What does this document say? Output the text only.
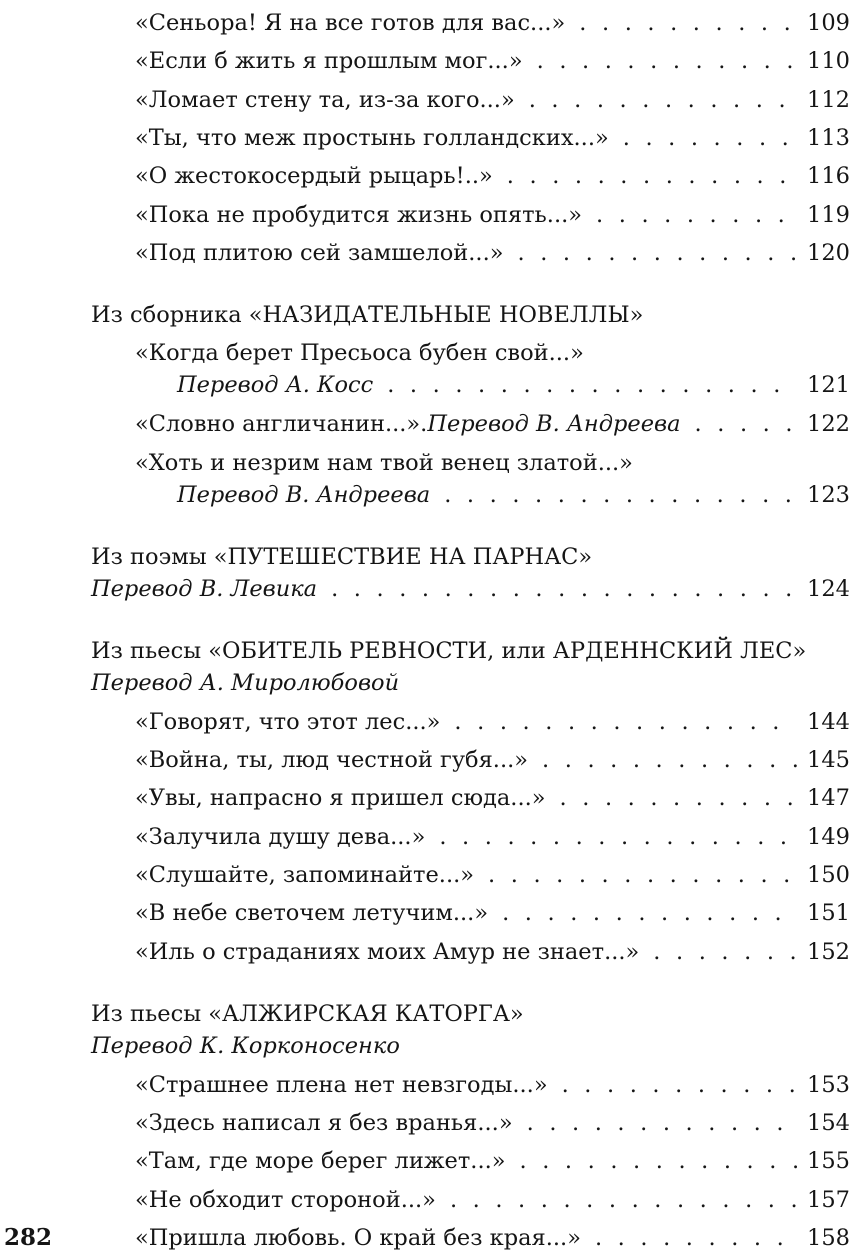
«Сеньора! Я на все готов для вас...» . . .	109
«Если б жить я прошлым мог...» . . .	110
«Ломает стену та, из-за кого...» . . .	112
«Ты, что меж простынь голландских...» . . .	113
«О жестокосердый рыцарь!..» . . .	116
«Пока не пробудится жизнь опять...» . . .	119
«Под плитою сей замшелой...» . . .	120
Из сборника «НАЗИДАТЕЛЬНЫЕ НОВЕЛЛЫ»
«Когда берет Пресьоса бубен свой...»
Перевод А. Косс . . .	121
«Словно англичанин...». Перевод В. Андреева . . .	122
«Хоть и незрим нам твой венец златой...»
Перевод В. Андреева . . .	123
Из поэмы «ПУТЕШЕСТВИЕ НА ПАРНАС»
Перевод В. Левика . . .	124
Из пьесы «ОБИТЕЛЬ РЕВНОСТИ, или АРДЕННСКИЙ ЛЕС»
Перевод А. Миролюбовой
«Говорят, что этот лес...» . . .	144
«Война, ты, люд честной губя...» . . .	145
«Увы, напрасно я пришел сюда...» . . .	147
«Залучила душу дева...» . . .	149
«Слушайте, запоминайте...» . . .	150
«В небе светочем летучим...» . . .	151
«Иль о страданиях моих Амур не знает...» . . .	152
Из пьесы «АЛЖИРСКАЯ КАТОРГА»
Перевод К. Корконосенко
«Страшнее плена нет невзгоды...» . . .	153
«Здесь написал я без вранья...» . . .	154
«Там, где море берег лижет...» . . .	155
«Не обходит стороной...» . . .	157
«Пришла любовь. О край без края...» . . .	158
282
